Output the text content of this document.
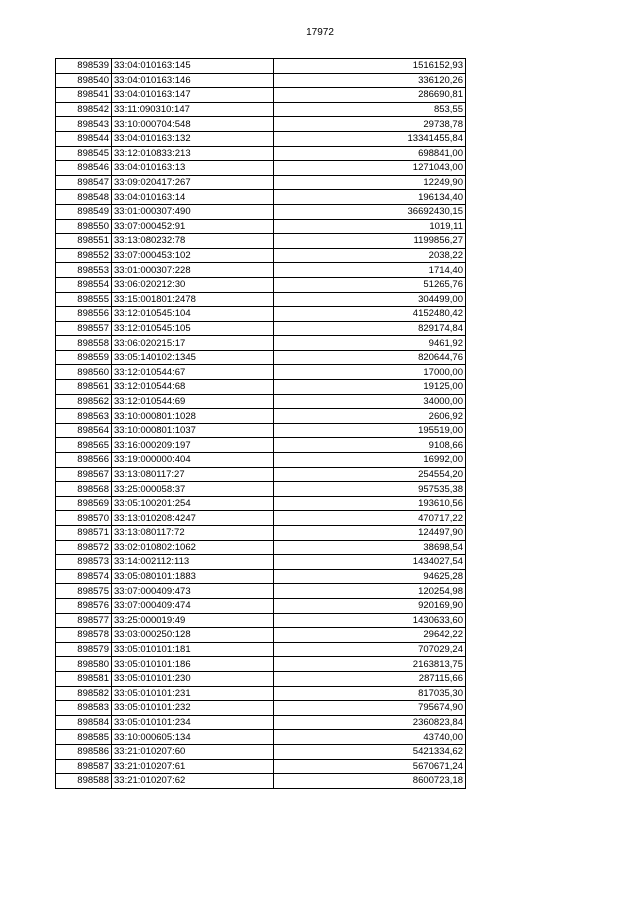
17972
898539	33:04:010163:145	1516152,93
898540	33:04:010163:146	336120,26
898541	33:04:010163:147	286690,81
898542	33:11:090310:147	853,55
898543	33:10:000704:548	29738,78
898544	33:04:010163:132	13341455,84
898545	33:12:010833:213	698841,00
898546	33:04:010163:13	1271043,00
898547	33:09:020417:267	12249,90
898548	33:04:010163:14	196134,40
898549	33:01:000307:490	36692430,15
898550	33:07:000452:91	1019,11
898551	33:13:080232:78	1199856,27
898552	33:07:000453:102	2038,22
898553	33:01:000307:228	1714,40
898554	33:06:020212:30	51265,76
898555	33:15:001801:2478	304499,00
898556	33:12:010545:104	4152480,42
898557	33:12:010545:105	829174,84
898558	33:06:020215:17	9461,92
898559	33:05:140102:1345	820644,76
898560	33:12:010544:67	17000,00
898561	33:12:010544:68	19125,00
898562	33:12:010544:69	34000,00
898563	33:10:000801:1028	2606,92
898564	33:10:000801:1037	195519,00
898565	33:16:000209:197	9108,66
898566	33:19:000000:404	16992,00
898567	33:13:080117:27	254554,20
898568	33:25:000058:37	957535,38
898569	33:05:100201:254	193610,56
898570	33:13:010208:4247	470717,22
898571	33:13:080117:72	124497,90
898572	33:02:010802:1062	38698,54
898573	33:14:002112:113	1434027,54
898574	33:05:080101:1883	94625,28
898575	33:07:000409:473	120254,98
898576	33:07:000409:474	920169,90
898577	33:25:000019:49	1430633,60
898578	33:03:000250:128	29642,22
898579	33:05:010101:181	707029,24
898580	33:05:010101:186	2163813,75
898581	33:05:010101:230	287115,66
898582	33:05:010101:231	817035,30
898583	33:05:010101:232	795674,90
898584	33:05:010101:234	2360823,84
898585	33:10:000605:134	43740,00
898586	33:21:010207:60	5421334,62
898587	33:21:010207:61	5670671,24
898588	33:21:010207:62	8600723,18
